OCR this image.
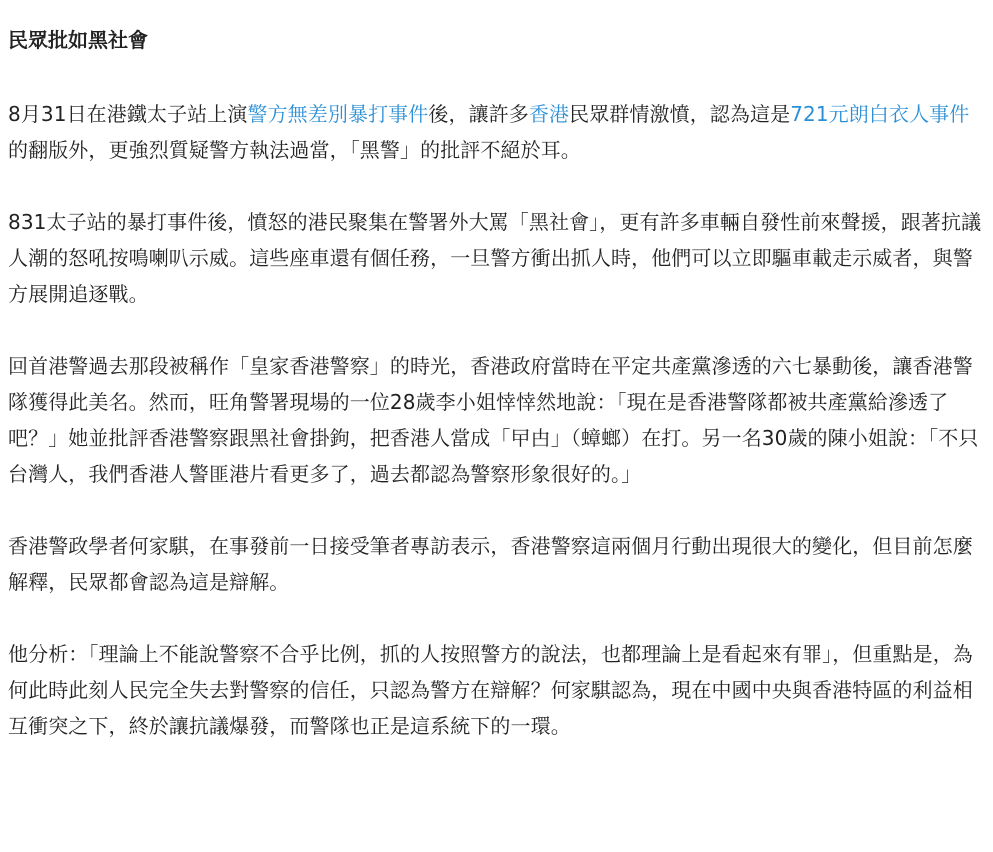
民眾批如黑社會

8月31日在港鐵太子站上演警方無差別暴打事件後，讓許多香港民眾群情激憤，認為這是721元朗白衣人事件的翻版外，更強烈質疑警方執法過當，「黑警」的批評不絕於耳。

831太子站的暴打事件後，憤怒的港民聚集在警署外大罵「黑社會」，更有許多車輛自發性前來聲援，跟著抗議人潮的怒吼按鳴喇叭示威。這些座車還有個任務，一旦警方衝出抓人時，他們可以立即驅車載走示威者，與警方展開追逐戰。

回首港警過去那段被稱作「皇家香港警察」的時光，香港政府當時在平定共產黨滲透的六七暴動後，讓香港警隊獲得此美名。然而，旺角警署現場的一位28歲李小姐悻悻然地說：「現在是香港警隊都被共產黨給滲透了吧？」她並批評香港警察跟黑社會掛鉤，把香港人當成「曱甴」（蟑螂）在打。另一名30歲的陳小姐說：「不只台灣人，我們香港人警匪港片看更多了，過去都認為警察形象很好的。」

香港警政學者何家騏，在事發前一日接受筆者專訪表示，香港警察這兩個月行動出現很大的變化，但目前怎麼解釋，民眾都會認為這是辯解。

他分析：「理論上不能說警察不合乎比例，抓的人按照警方的說法，也都理論上是看起來有罪」，但重點是，為何此時此刻人民完全失去對警察的信任，只認為警方在辯解？何家騏認為，現在中國中央與香港特區的利益相互衝突之下，終於讓抗議爆發，而警隊也正是這系統下的一環。
